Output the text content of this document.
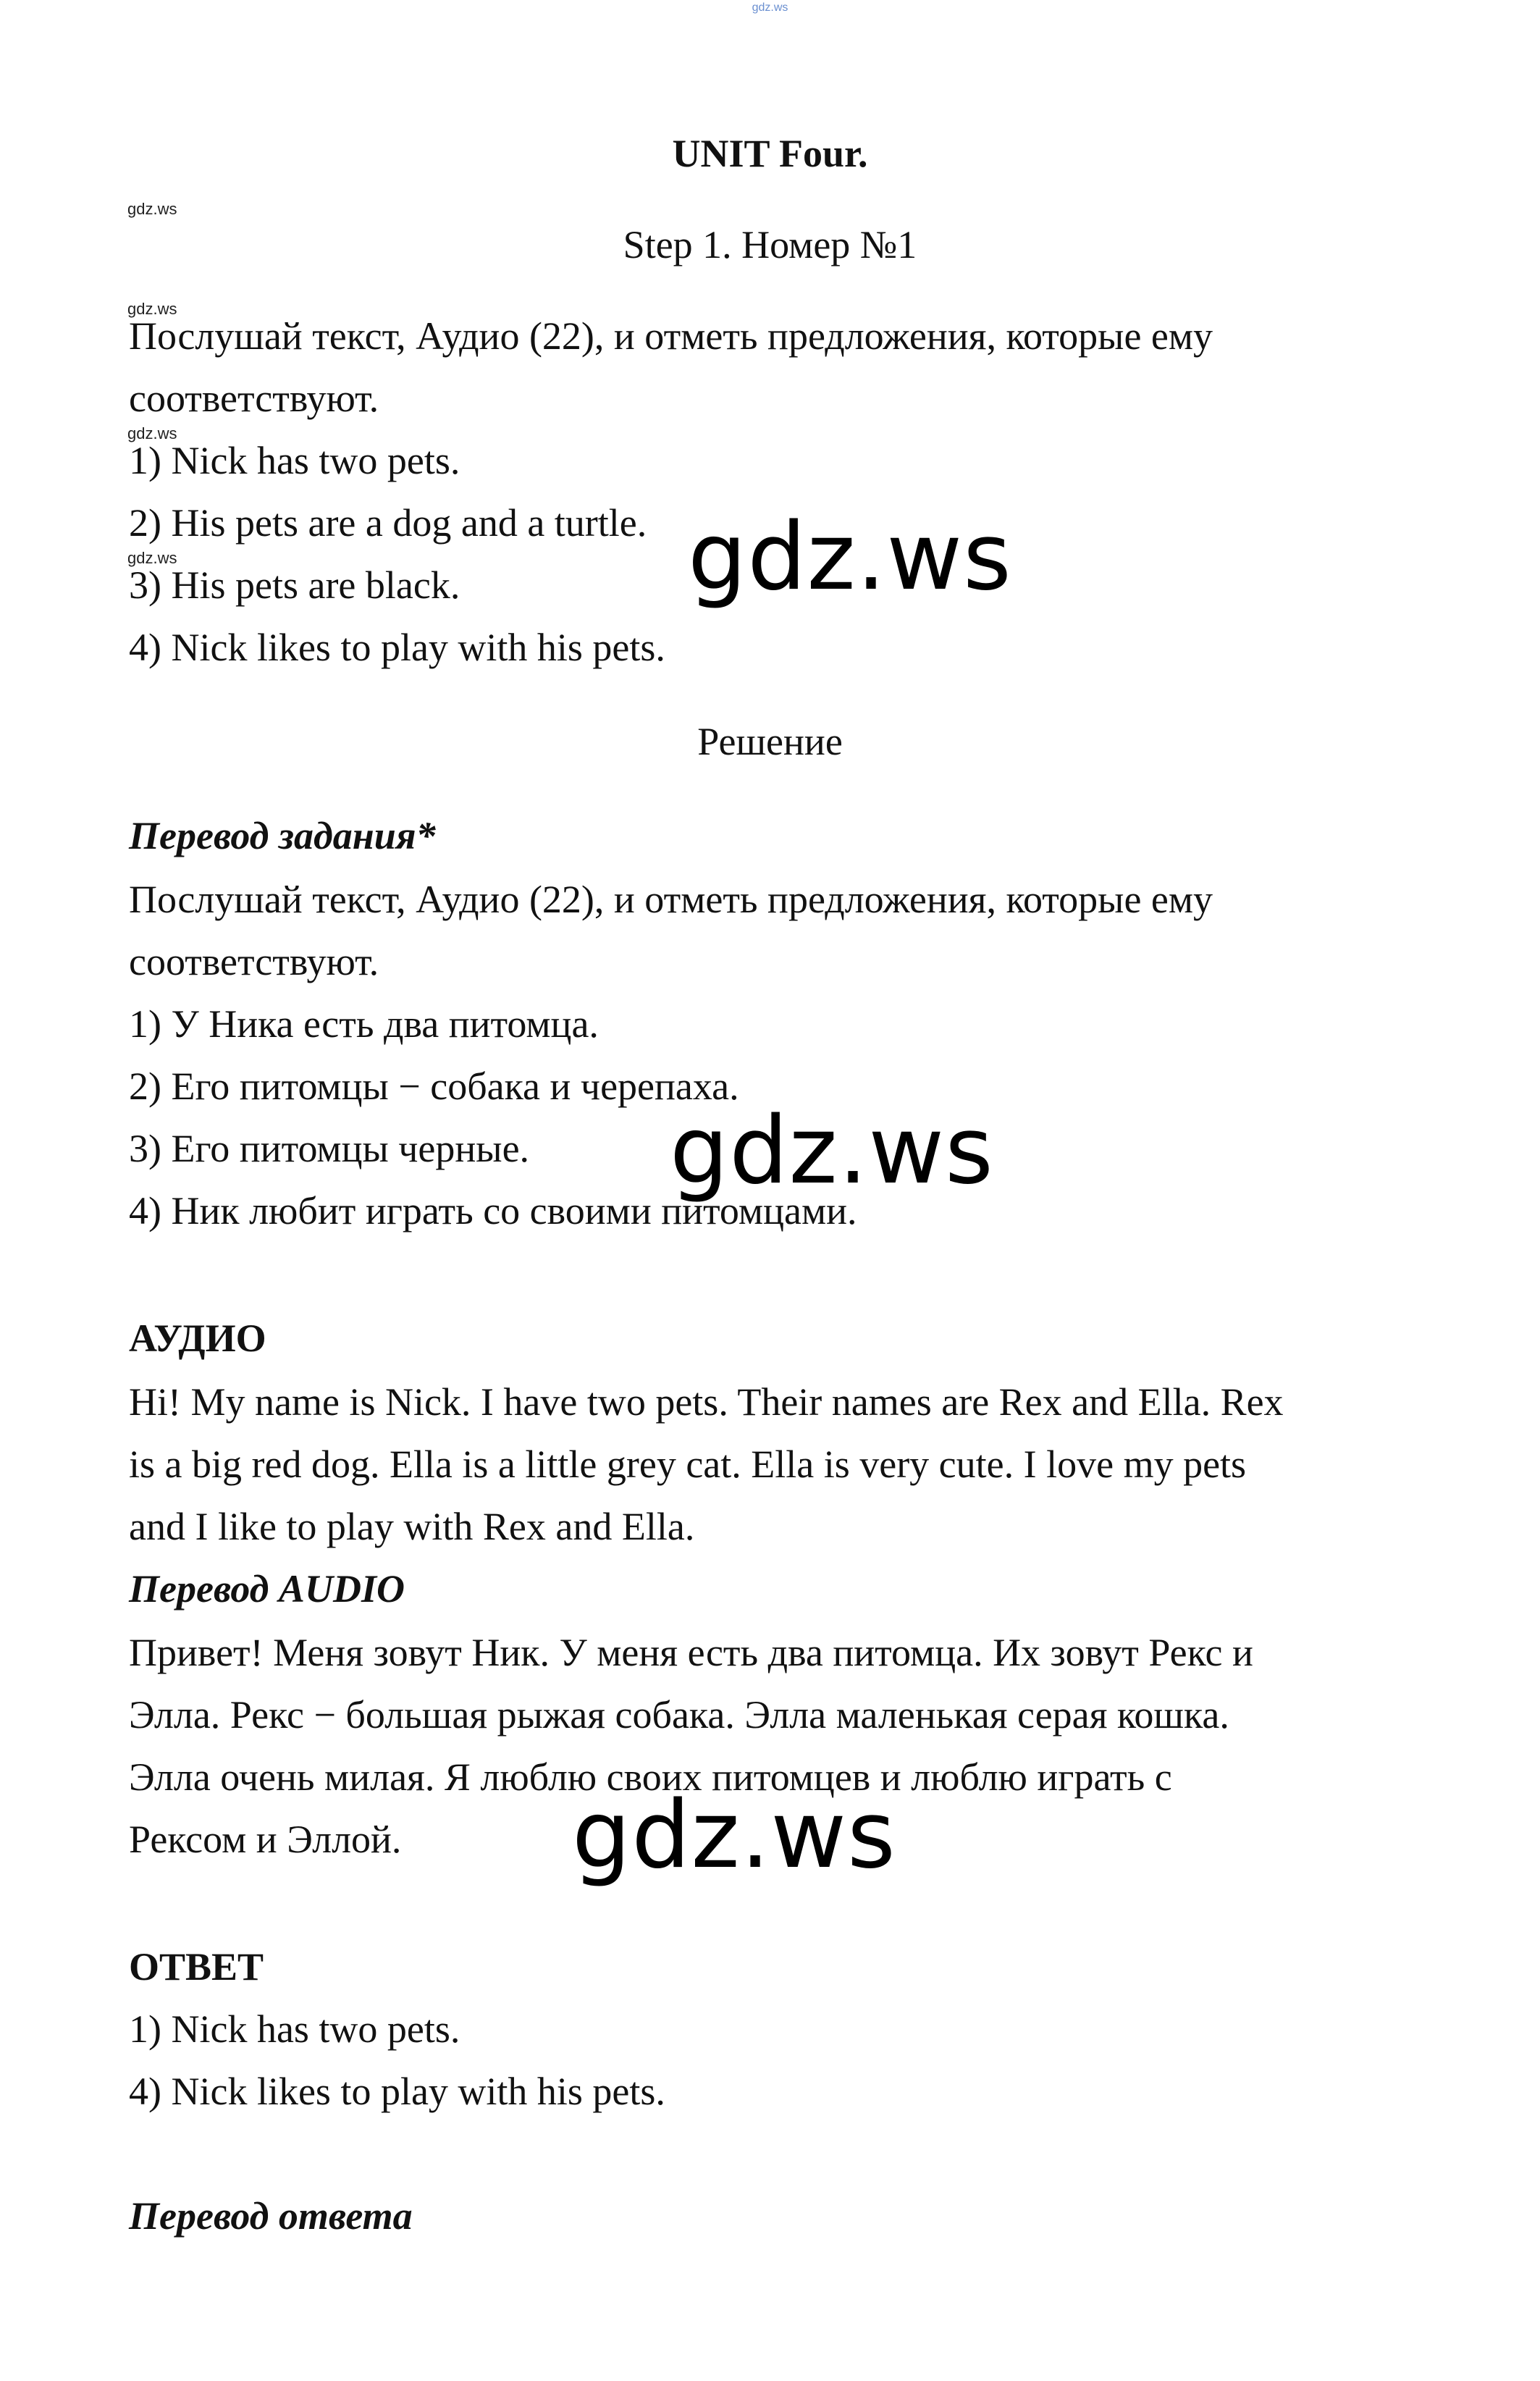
gdz.ws
UNIT Four.
gdz.ws
Step 1. Номер №1
gdz.ws
Послушай текст, Аудио (22), и отметь предложения, которые ему
соответствуют.
gdz.ws
1) Nick has two pets.
2) His pets are a dog and a turtle.
gdz.ws
3) His pets are black.
4) Nick likes to play with his pets.
gdz.ws
Решение
Перевод задания*
Послушай текст, Аудио (22), и отметь предложения, которые ему
соответствуют.
1) У Ника есть два питомца.
2) Его питомцы − собака и черепаха.
3) Его питомцы черные.
4) Ник любит играть со своими питомцами.
gdz.ws
АУДИО
Hi! My name is Nick. I have two pets. Their names are Rex and Ella. Rex
is a big red dog. Ella is a little grey cat. Ella is very cute. I love my pets
and I like to play with Rex and Ella.
Перевод AUDIO
Привет! Меня зовут Ник. У меня есть два питомца. Их зовут Рекс и
Элла. Рекс − большая рыжая собака. Элла маленькая серая кошка.
Элла очень милая. Я люблю своих питомцев и люблю играть с
Рексом и Эллой. gdz.ws
ОТВЕТ
1) Nick has two pets.
4) Nick likes to play with his pets.
Перевод ответа
